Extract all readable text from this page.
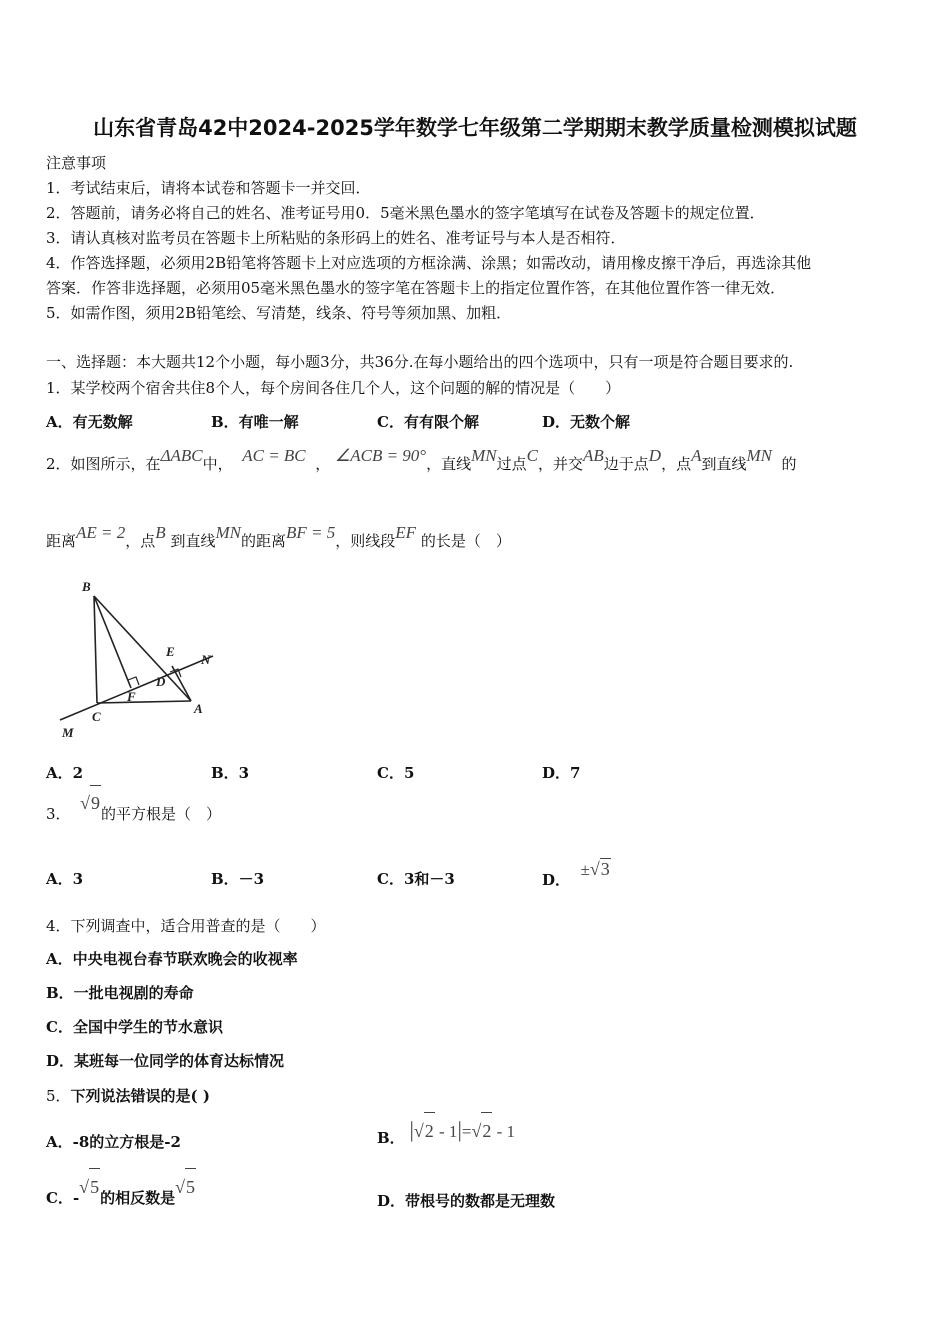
山东省青岛42中2024-2025学年数学七年级第二学期期末教学质量检测模拟试题
注意事项
1．考试结束后，请将本试卷和答题卡一并交回．
2．答题前，请务必将自己的姓名、准考证号用0．5毫米黑色墨水的签字笔填写在试卷及答题卡的规定位置．
3．请认真核对监考员在答题卡上所粘贴的条形码上的姓名、准考证号与本人是否相符．
4．作答选择题，必须用2B铅笔将答题卡上对应选项的方框涂满、涂黑；如需改动，请用橡皮擦干净后，再选涂其他
答案．作答非选择题，必须用05毫米黑色墨水的签字笔在答题卡上的指定位置作答，在其他位置作答一律无效．
5．如需作图，须用2B铅笔绘、写清楚，线条、符号等须加黑、加粗．
一、选择题：本大题共12个小题，每小题3分，共36分.在每小题给出的四个选项中，只有一项是符合题目要求的.
1．某学校两个宿舍共住8个人，每个房间各住几个人，这个问题的解的情况是（　　）
A．有无数解	B．有唯一解	C．有有限个解	D．无数个解
2．如图所示，在ΔABC中， AC = BC ， ∠ACB = 90°，直线MN过点C，并交AB边于点D，点A到直线MN 的
距离AE = 2，点B 到直线MN的距离BF = 5，则线段EF 的长是（　）
B
E
N
D
F
C
A
M
A．2	B．3	C．5	D．7
3．  √9的平方根是（　）
A．3	B．－3	C．3和－3	D．  ±√3
4．下列调查中，适合用普查的是（　　）
A．中央电视台春节联欢晚会的收视率
B．一批电视剧的寿命
C．全国中学生的节水意识
D．某班每一位同学的体育达标情况
5．下列说法错误的是( )
A．-8的立方根是-2	B． |√2 - 1|=√2 - 1
C．-√5的相反数是√5
D．带根号的数都是无理数
